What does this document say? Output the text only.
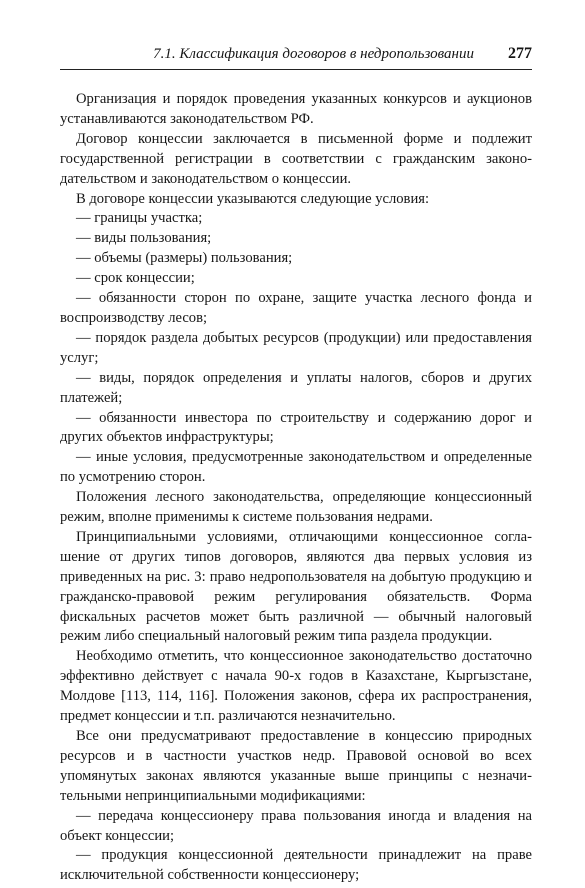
7.1. Классификация договоров в недропользовании 277

Организация и порядок проведения указанных конкурсов и аукционов устанавливаются законодательством РФ.

Договор концессии заключается в письменной форме и подлежит государственной регистрации в соответствии с гражданским законодательством и законодательством о концессии.

В договоре концессии указываются следующие условия:

— границы участка;

— виды пользования;

— объемы (размеры) пользования;

— срок концессии;

— обязанности сторон по охране, защите участка лесного фонда и воспроизводству лесов;

— порядок раздела добытых ресурсов (продукции) или предоставления услуг;

— виды, порядок определения и уплаты налогов, сборов и других платежей;

— обязанности инвестора по строительству и содержанию дорог и других объектов инфраструктуры;

— иные условия, предусмотренные законодательством и определенные по усмотрению сторон.

Положения лесного законодательства, определяющие концессионный режим, вполне применимы к системе пользования недрами.

Принципиальными условиями, отличающими концессионное соглашение от других типов договоров, являются два первых условия из приведенных на рис. 3: право недропользователя на добытую продукцию и гражданско-правовой режим регулирования обязательств. Форма фискальных расчетов может быть различной — обычный налоговый режим либо специальный налоговый режим типа раздела продукции.

Необходимо отметить, что концессионное законодательство достаточно эффективно действует с начала 90-х годов в Казахстане, Кыргызстане, Молдове [113, 114, 116]. Положения законов, сфера их распространения, предмет концессии и т.п. различаются незначительно.

Все они предусматривают предоставление в концессию природных ресурсов и в частности участков недр. Правовой основой во всех упомянутых законах являются указанные выше принципы с незначительными непринципиальными модификациями:

— передача концессионеру права пользования иногда и владения на объект концессии;

— продукция концессионной деятельности принадлежит на праве исключительной собственности концессионеру;
